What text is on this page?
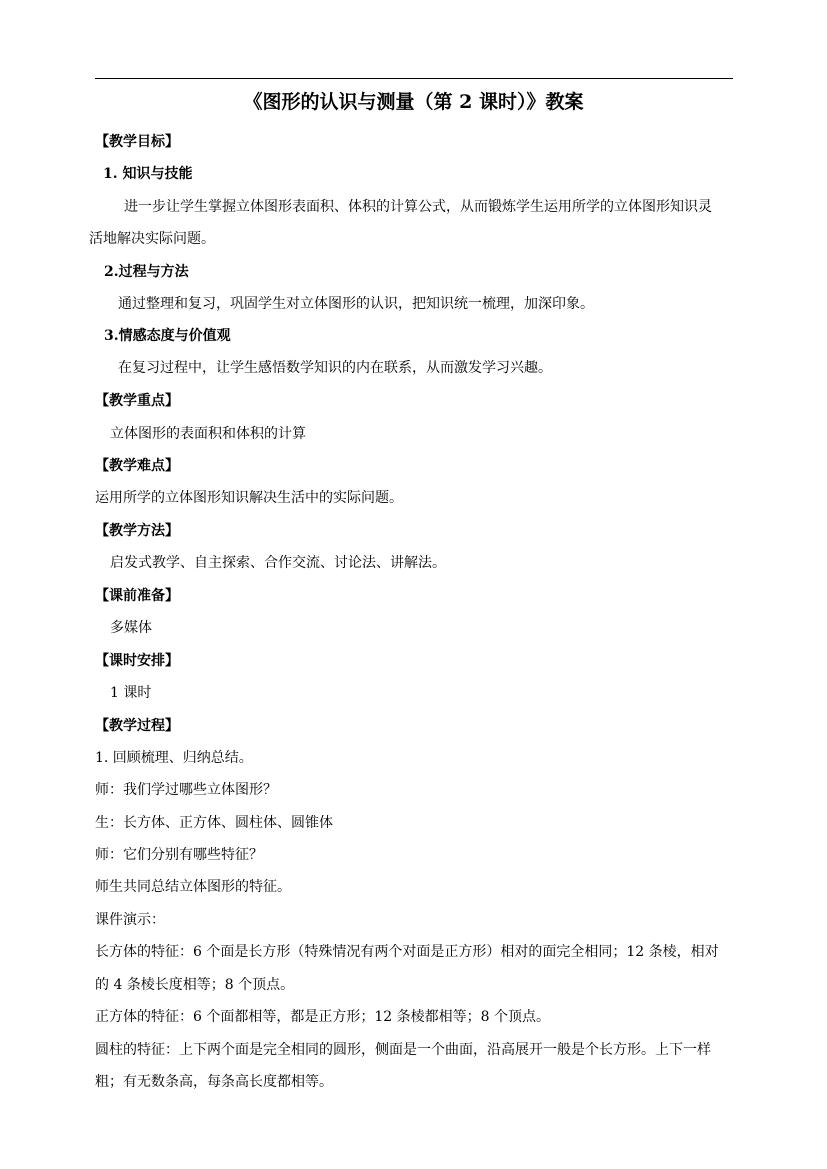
《图形的认识与测量（第 2 课时）》教案
【教学目标】
1. 知识与技能
进一步让学生掌握立体图形表面积、体积的计算公式，从而锻炼学生运用所学的立体图形知识灵
活地解决实际问题。
2.过程与方法
通过整理和复习，巩固学生对立体图形的认识，把知识统一梳理，加深印象。
3.情感态度与价值观
在复习过程中，让学生感悟数学知识的内在联系，从而激发学习兴趣。
【教学重点】
立体图形的表面积和体积的计算
【教学难点】
运用所学的立体图形知识解决生活中的实际问题。
【教学方法】
启发式教学、自主探索、合作交流、讨论法、讲解法。
【课前准备】
多媒体
【课时安排】
1 课时
【教学过程】
1. 回顾梳理、归纳总结。
师：我们学过哪些立体图形？
生：长方体、正方体、圆柱体、圆锥体
师：它们分别有哪些特征？
师生共同总结立体图形的特征。
课件演示：
长方体的特征：6 个面是长方形（特殊情况有两个对面是正方形）相对的面完全相同；12 条棱，相对
的 4 条棱长度相等；8 个顶点。
正方体的特征：6 个面都相等，都是正方形；12 条棱都相等；8 个顶点。
圆柱的特征：上下两个面是完全相同的圆形，侧面是一个曲面，沿高展开一般是个长方形。上下一样
粗；有无数条高，每条高长度都相等。
